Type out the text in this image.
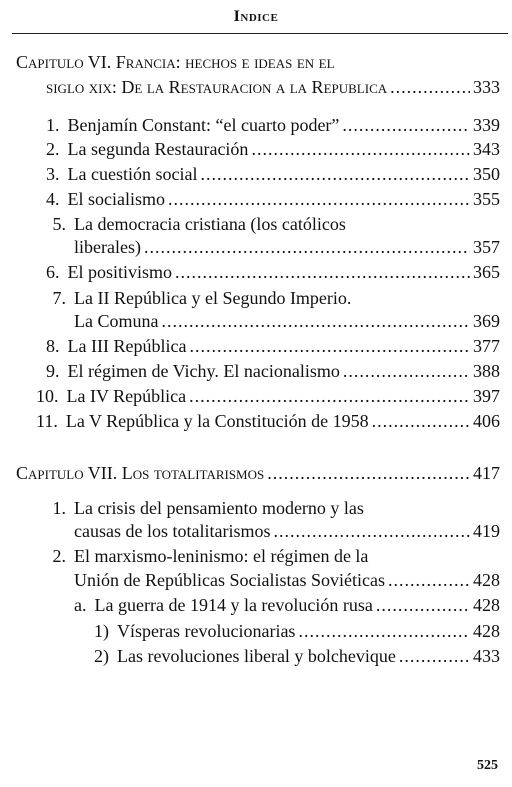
Indice
Capitulo VI. Francia: hechos e ideas en el
siglo xix: De la Restauracion a la Republica .....	333
1. Benjamín Constant: “el cuarto poder” .....	339
2. La segunda Restauración .....	343
3. La cuestión social .....	350
4. El socialismo .....	355
5. La democracia cristiana (los católicos
liberales) .....	357
6. El positivismo .....	365
7. La II República y el Segundo Imperio.
La Comuna .....	369
8. La III República .....	377
9. El régimen de Vichy. El nacionalismo .....	388
10. La IV República .....	397
11. La V República y la Constitución de 1958 .....	406
Capitulo VII. Los totalitarismos .....	417
1. La crisis del pensamiento moderno y las
causas de los totalitarismos .....	419
2. El marxismo-leninismo: el régimen de la
Unión de Repúblicas Socialistas Soviéticas .....	428
a. La guerra de 1914 y la revolución rusa .....	428
1) Vísperas revolucionarias .....	428
2) Las revoluciones liberal y bolchevique .....	433
525
